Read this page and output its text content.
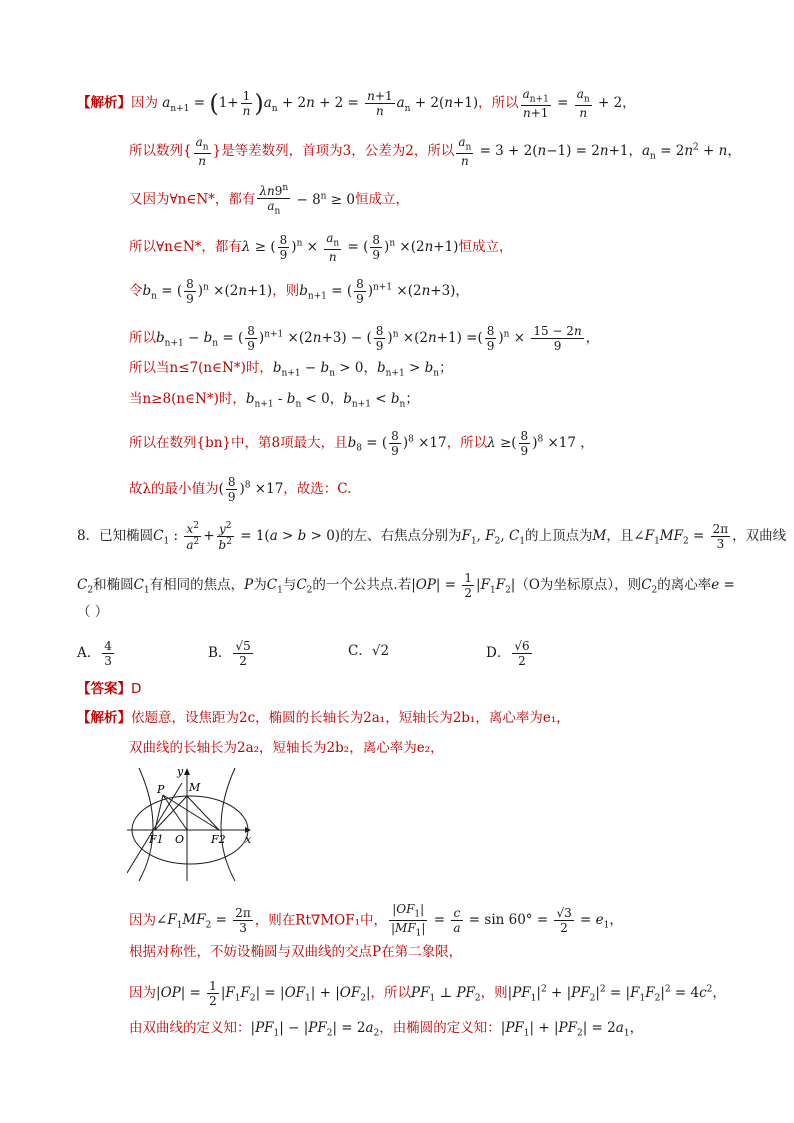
【解析】因为 $a_{n+1} = (1+ \frac{1}{n} )a_n + 2n + 2 = \frac{n+1}{n} a_n + 2(n+1)$，所以 $\frac{a_{n+1}}{n+1} = \frac{a_n}{n} + 2$，
所以数列{ $\frac{a_n}{n}$ }是等差数列，首项为3，公差为2，所以 $\frac{a_n}{n} = 3 + 2(n-1) = 2n+1$，$a_n = 2n^2 + n$，
又因为∀n∈N*，都有 $\frac{\lambda n9^n}{a_n} - 8^n \ge 0$恒成立，
所以∀n∈N*，都有λ ≥ ( $\frac{8}{9} )^n \times \frac{a_n}{n}$ = ( $\frac{8}{9} )^n \times(2n+1)$恒成立，
令$b_n$ = ( $\frac{8}{9} )^n \times(2n+1)$，则$b_{n+1}$ = ( $\frac{8}{9} )^{n+1} \times(2n+3)$，
所以$b_{n+1} - b_n$ = ( $\frac{8}{9} )^{n+1} \times(2n+3)$ − ( $\frac{8}{9} )^n \times(2n+1)$ =( $\frac{8}{9} )^n \times \frac{15 - 2n}{9}$ ，
所以当n≤7(n∈N*)时，$b_{n+1} - b_n > 0$，$b_{n+1} > b_n$；
当n≥8(n∈N*)时，$b_{n+1} - b_n < 0$，$b_{n+1} < b_n$；
所以在数列{bn}中，第8项最大，且$b_8$ = ( $\frac{8}{9} )^8 \times 17$，所以λ ≥( $\frac{8}{9} )^8 \times 17$ ，
故λ的最小值为( $\frac{8}{9} )^8 \times 17$，故选：C.
8．已知椭圆$C_1$ : $\frac{x^2}{a^2} + \frac{y^2}{b^2} = 1(a > b > 0)$的左、右焦点分别为$F_1$, $F_2$, $C_1$的上顶点为M，且$\angle F_1MF_2 = \frac{2\pi}{3}$ ，双曲线
$C_2$和椭圆$C_1$有相同的焦点，P为$C_1$与$C_2$的一个公共点.若$|OP| = \frac{1}{2} |F_1F_2|(O$为坐标原点），则$C_2$的离心率e =
（ ）
A． $\frac{4}{3}$	B． $\frac{√5}{2}$	C．√2	D． $\frac{√6}{2}$
【答案】D
【解析】依题意，设焦距为2c，椭圆的长轴长为2a₁，短轴长为2b₁，离心率为e₁，
双曲线的长轴长为2a₂，短轴长为2b₂，离心率为e₂，
y
M
P
F1 O F2 x
因为$\angle F_1MF_2 = \frac{2\pi}{3}$ ，则在Rt∇MOF₁中， $\frac{|OF_1|}{|MF_1|} = \frac{c}{a} = \sin 60^\circ = \frac{√3}{2} = e_1$，
根据对称性，不妨设椭圆与双曲线的交点P在第二象限，
因为$|OP| = \frac{1}{2} |F_1F_2| = |OF_1| + |OF_2|$，所以$PF_1$ ⊥ $PF_2$，则$|PF_1|^2 + |PF_2|^2 = |F_1F_2|^2 = 4c^2$，
由双曲线的定义知：$|PF_1| - |PF_2| = 2a_2$，由椭圆的定义知：$|PF_1| + |PF_2| = 2a_1$，
